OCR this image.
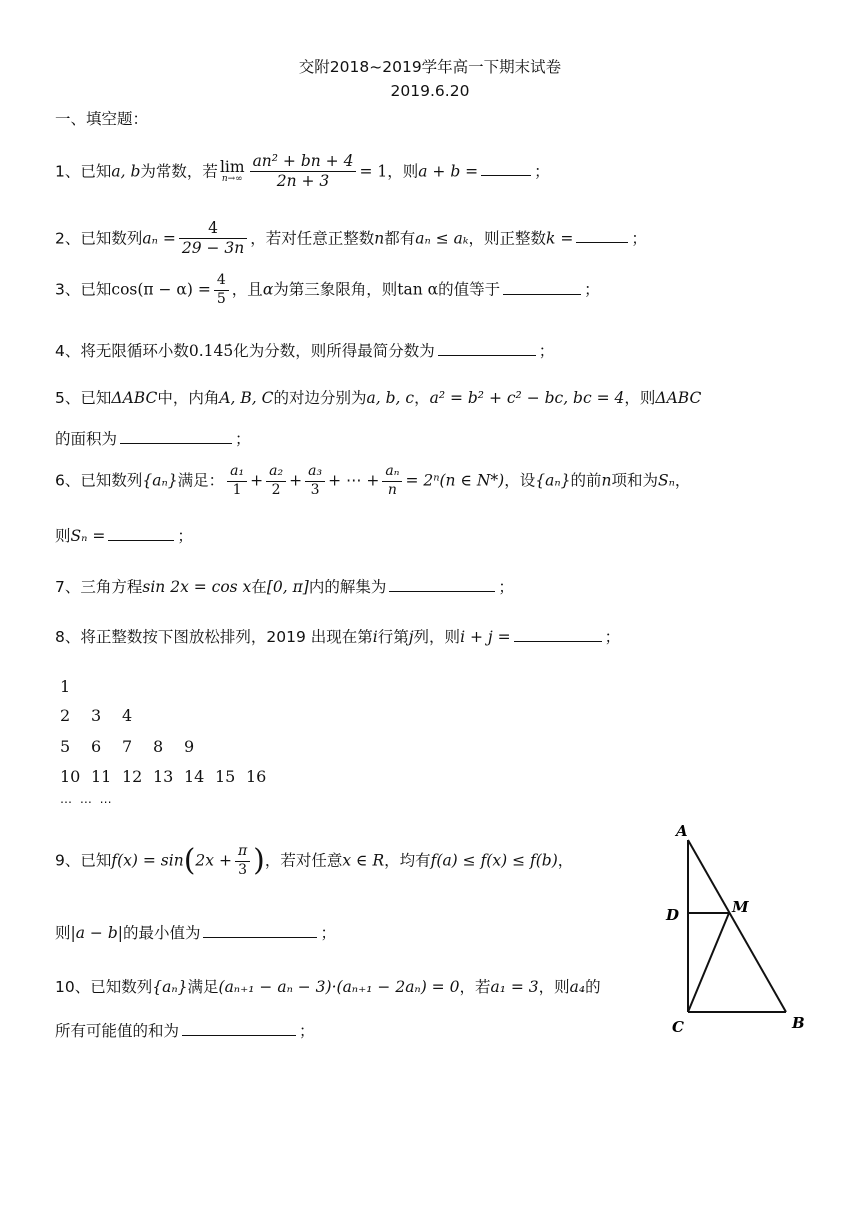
交附2018~2019学年高一下期末试卷
2019.6.20
一、填空题：
1、已知a, b为常数，若 lim
$n\to\infty \frac{\text{an² + bn + 4}}{2n + 3} = 1$，则a + b =	；
2、已知数列$a_n = \frac{4}{29 - 3n}$ ，若对任意正整数n都有aₙ ≤ aₖ，则正整数k =	；
3、已知$\cos(\pi - \alpha) = \frac{4}{5}$ ，且α为第三象限角，则tan α的值等于	；
4、将无限循环小数0.14̇5̇化为分数，则所得最简分数为	；
5、已知ΔABC中，内角A, B, C的对边分别为a, b, c，a² = b² + c² − bc, bc = 4，则ΔABC
的面积为	；
6、已知数列{aₙ}满足： $\frac{\text{a₁}}{1} + \frac{\text{a₂}}{2} + \frac{\text{a₃}}{3}$ + ⋯ + $\frac{\text{aₙ}}{n} = 2^n(n$ ∈ N*)，设{aₙ}的前n项和为Sₙ，
则Sₙ =	；
7、三角方程sin 2x = cos x在[0, π]内的解集为	；
8、将正整数按下图放松排列，2019 出现在第i行第j列，则i + j =	；
1
2 3 4
5 6 7 8 9
10 11 12 13 14 15 16
⋯ ⋯ ⋯
9、已知$f(x) = \sin(2x + \frac{\pi}{3}$ )，若对任意x ∈ R，均有f(a) ≤ f(x) ≤ f(b)，
则|a − b|的最小值为	；
10、已知数列{aₙ}满足(aₙ₊₁ − aₙ − 3)·(aₙ₊₁ − 2aₙ) = 0，若a₁ = 3，则a₄的
所有可能值的和为	；
A
D	M
C	B
